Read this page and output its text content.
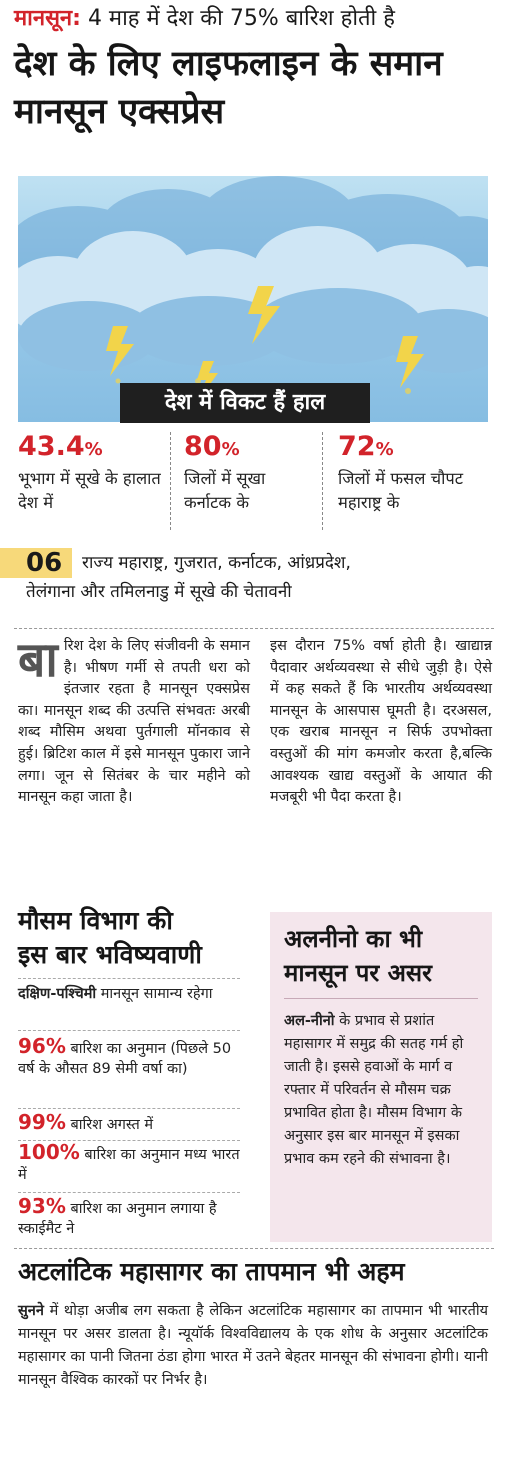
मानसून: 4 माह में देश की 75% बारिश होती है
देश के लिए लाइफलाइन के समान मानसून एक्सप्रेस
देश में विकट हैं हाल
43.4%
भूभाग में सूखे के हालात देश में
80%
जिलों में सूखा कर्नाटक के
72%
जिलों में फसल चौपट महाराष्ट्र के
06 राज्य महाराष्ट्र, गुजरात, कर्नाटक, आंध्रप्रदेश,
तेलंगाना और तमिलनाडु में सूखे की चेतावनी
बारिश देश के लिए संजीवनी के समान है। भीषण गर्मी से तपती धरा को इंतजार रहता है मानसून एक्सप्रेस का। मानसून शब्द की उत्पत्ति संभवतः अरबी शब्द मौसिम अथवा पुर्तगाली मॉनकाव से हुई। ब्रिटिश काल में इसे मानसून पुकारा जाने लगा। जून से सितंबर के चार महीने को मानसून कहा जाता है।
इस दौरान 75% वर्षा होती है। खाद्यान्न पैदावार अर्थव्यवस्था से सीधे जुड़ी है। ऐसे में कह सकते हैं कि भारतीय अर्थव्यवस्था मानसून के आसपास घूमती है। दरअसल, एक खराब मानसून न सिर्फ उपभोक्ता वस्तुओं की मांग कमजोर करता है,बल्कि आवश्यक खाद्य वस्तुओं के आयात की मजबूरी भी पैदा करता है।
मौसम विभाग की
इस बार भविष्यवाणी
दक्षिण-पश्चिमी मानसून सामान्य रहेगा
96% बारिश का अनुमान (पिछले 50 वर्ष के औसत 89 सेमी वर्षा का)
99% बारिश अगस्त में
100% बारिश का अनुमान मध्य भारत में
93% बारिश का अनुमान लगाया है स्काईमैट ने
अलनीनो का भी
मानसून पर असर
अल-नीनो के प्रभाव से प्रशांत महासागर में समुद्र की सतह गर्म हो जाती है। इससे हवाओं के मार्ग व रफ्तार में परिवर्तन से मौसम चक्र प्रभावित होता है। मौसम विभाग के अनुसार इस बार मानसून में इसका प्रभाव कम रहने की संभावना है।
अटलांटिक महासागर का तापमान भी अहम
सुनने में थोड़ा अजीब लग सकता है लेकिन अटलांटिक महासागर का तापमान भी भारतीय मानसून पर असर डालता है। न्यूयॉर्क विश्वविद्यालय के एक शोध के अनुसार अटलांटिक महासागर का पानी जितना ठंडा होगा भारत में उतने बेहतर मानसून की संभावना होगी। यानी मानसून वैश्विक कारकों पर निर्भर है।
